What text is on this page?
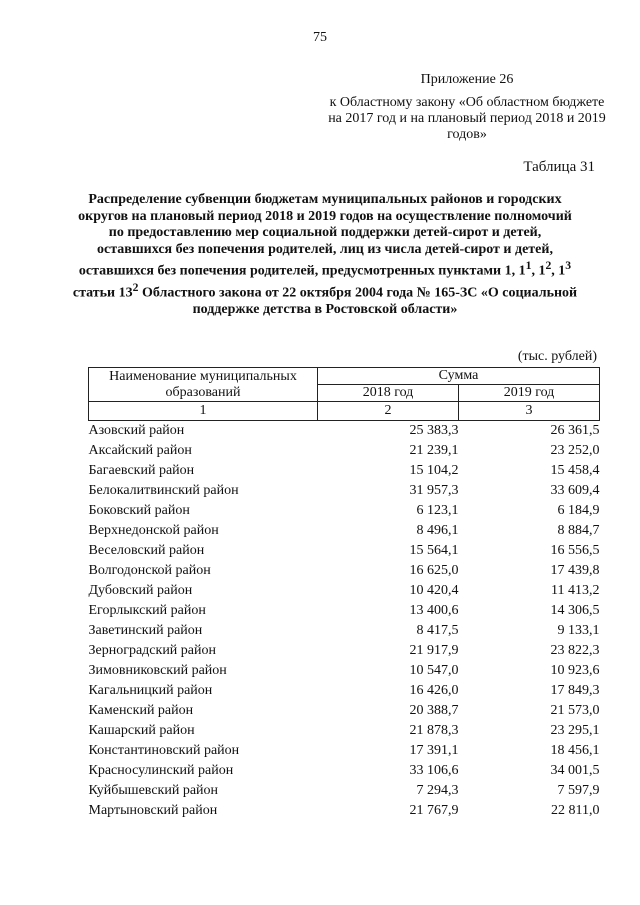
75
Приложение 26
к Областному закону «Об областном бюджете на 2017 год и на плановый период 2018 и 2019 годов»
Таблица 31
Распределение субвенции бюджетам муниципальных районов и городских округов на плановый период 2018 и 2019 годов на осуществление полномочий по предоставлению мер социальной поддержки детей-сирот и детей, оставшихся без попечения родителей, лиц из числа детей-сирот и детей, оставшихся без попечения родителей, предусмотренных пунктами 1, $1^1$, $1^2$, $1^3$ статьи $13^2$ Областного закона от 22 октября 2004 года № 165-ЗС «О социальной поддержке детства в Ростовской области»
(тыс. рублей)
Наименование муниципальных образований	Сумма	
	2018 год	2019 год
1	2	3
Азовский район	25 383,3	26 361,5
Аксайский район	21 239,1	23 252,0
Багаевский район	15 104,2	15 458,4
Белокалитвинский район	31 957,3	33 609,4
Боковский район	6 123,1	6 184,9
Верхнедонской район	8 496,1	8 884,7
Веселовский район	15 564,1	16 556,5
Волгодонской район	16 625,0	17 439,8
Дубовский район	10 420,4	11 413,2
Егорлыкский район	13 400,6	14 306,5
Заветинский район	8 417,5	9 133,1
Зерноградский район	21 917,9	23 822,3
Зимовниковский район	10 547,0	10 923,6
Кагальницкий район	16 426,0	17 849,3
Каменский район	20 388,7	21 573,0
Кашарский район	21 878,3	23 295,1
Константиновский район	17 391,1	18 456,1
Красносулинский район	33 106,6	34 001,5
Куйбышевский район	7 294,3	7 597,9
Мартыновский район	21 767,9	22 811,0
